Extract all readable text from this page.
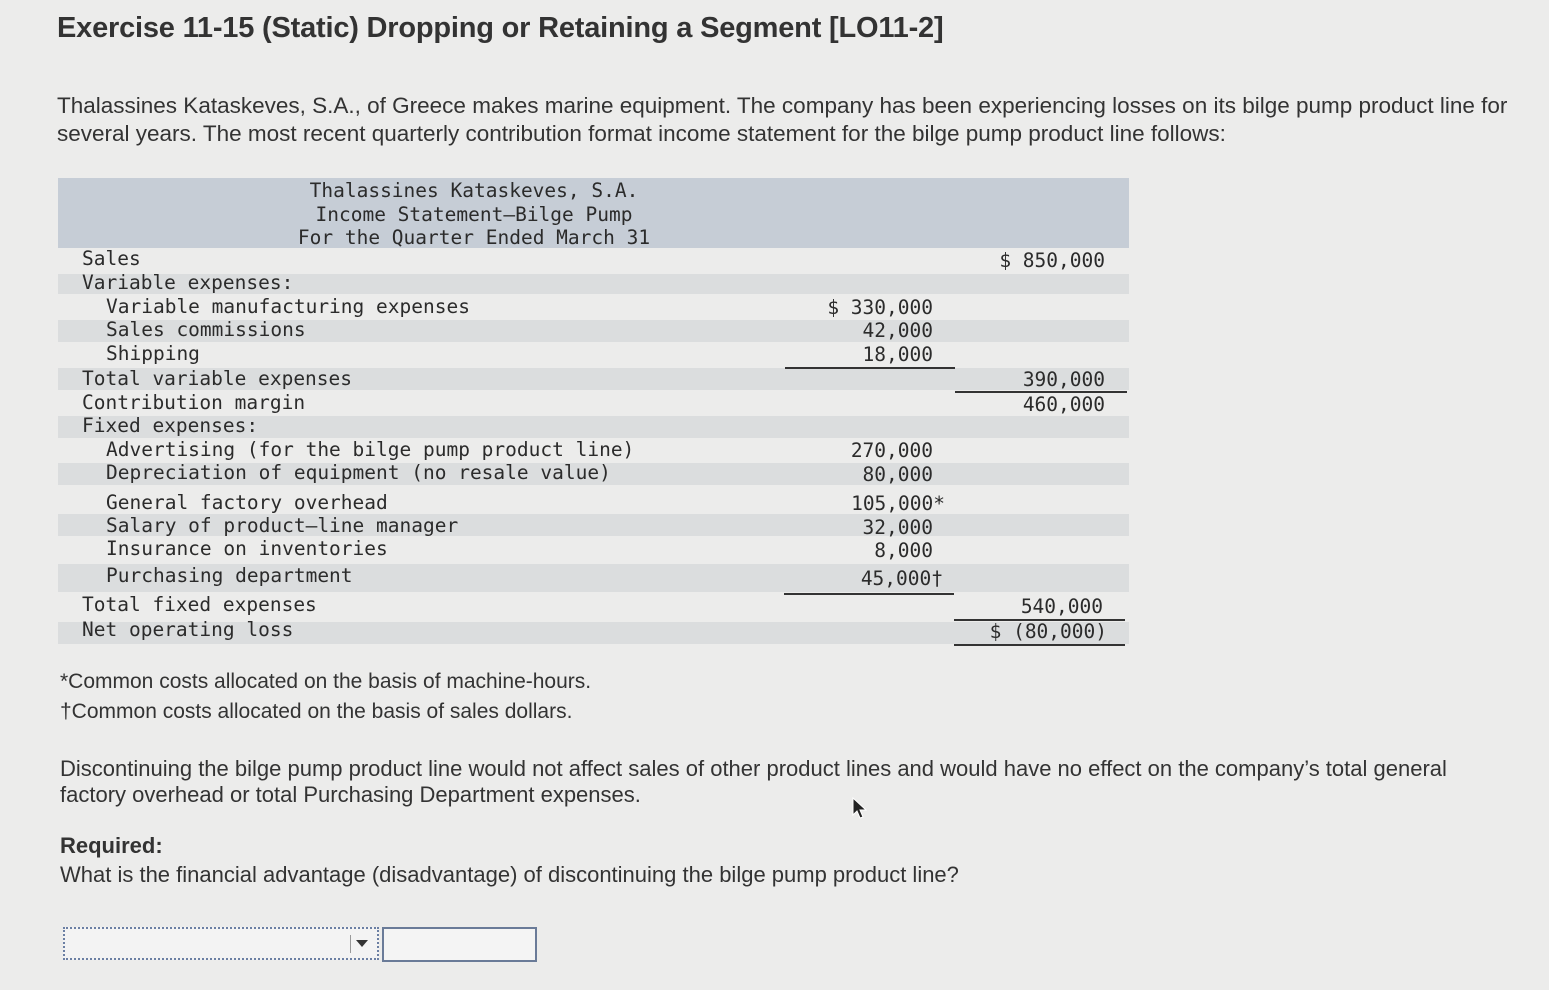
Exercise 11-15 (Static) Dropping or Retaining a Segment [LO11-2]
Thalassines Kataskeves, S.A., of Greece makes marine equipment. The company has been experiencing losses on its bilge pump product line for several years. The most recent quarterly contribution format income statement for the bilge pump product line follows:
Thalassines Kataskeves, S.A.
Income Statement–Bilge Pump
For the Quarter Ended March 31
Sales	$ 850,000
Variable expenses:
Variable manufacturing expenses	$ 330,000
Sales commissions	42,000
Shipping	18,000
Total variable expenses	390,000
Contribution margin	460,000
Fixed expenses:
Advertising (for the bilge pump product line)	270,000
Depreciation of equipment (no resale value)	80,000
General factory overhead	105,000*
Salary of product–line manager	32,000
Insurance on inventories	8,000
Purchasing department	45,000†
Total fixed expenses	540,000
Net operating loss	$ (80,000)
*Common costs allocated on the basis of machine-hours.
†Common costs allocated on the basis of sales dollars.
Discontinuing the bilge pump product line would not affect sales of other product lines and would have no effect on the company’s total general factory overhead or total Purchasing Department expenses.
Required:
What is the financial advantage (disadvantage) of discontinuing the bilge pump product line?
